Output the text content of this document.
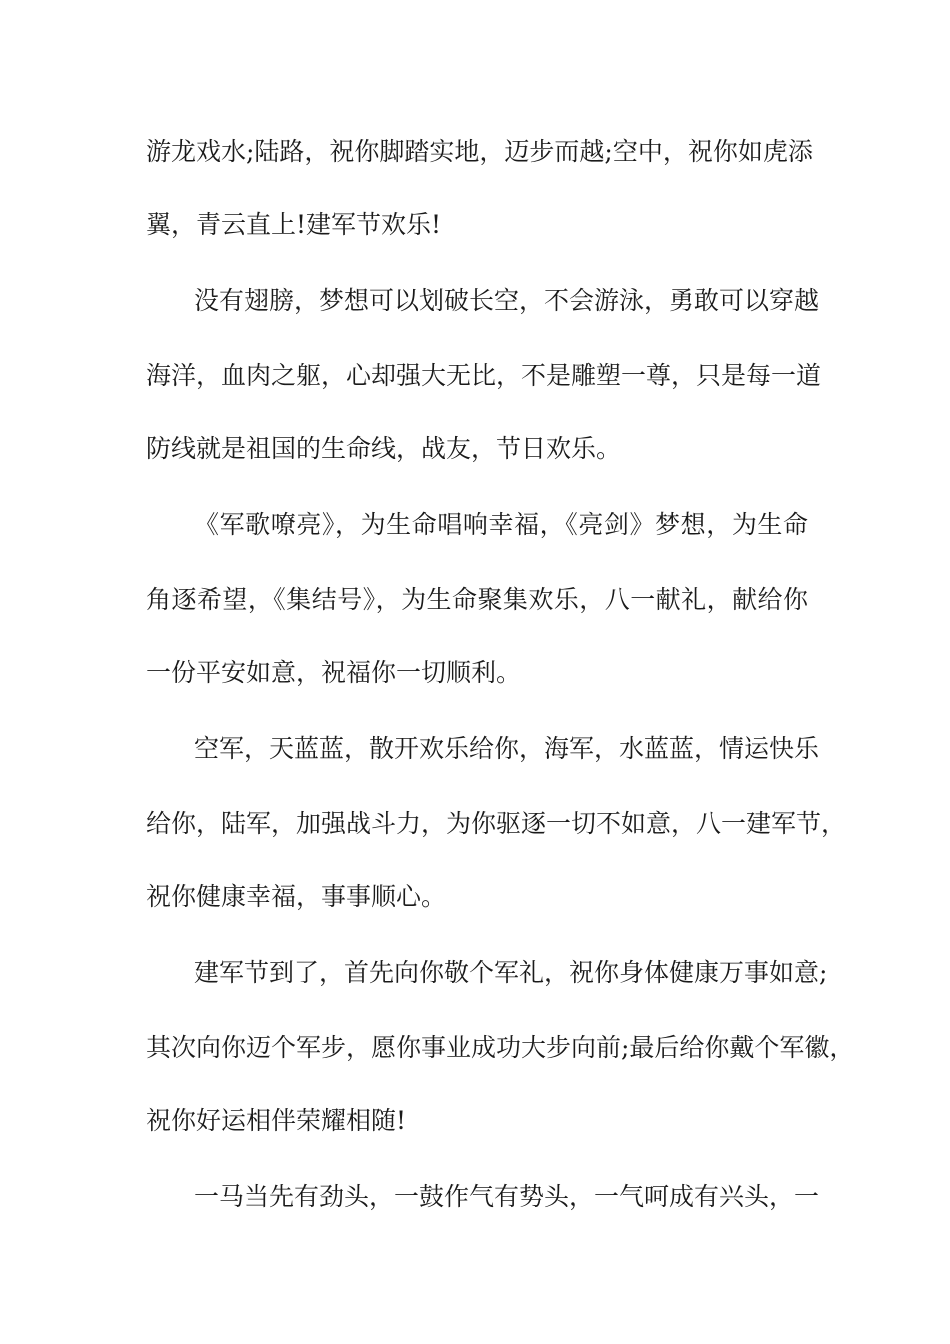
游龙戏水;陆路，祝你脚踏实地，迈步而越;空中，祝你如虎添
翼，青云直上!建军节欢乐!
没有翅膀，梦想可以划破长空，不会游泳，勇敢可以穿越
海洋，血肉之躯，心却强大无比，不是雕塑一尊，只是每一道
防线就是祖国的生命线，战友，节日欢乐。
《军歌嘹亮》，为生命唱响幸福，《亮剑》梦想，为生命
角逐希望，《集结号》，为生命聚集欢乐，八一献礼，献给你
一份平安如意，祝福你一切顺利。
空军，天蓝蓝，散开欢乐给你，海军，水蓝蓝，情运快乐
给你，陆军，加强战斗力，为你驱逐一切不如意，八一建军节，
祝你健康幸福，事事顺心。
建军节到了，首先向你敬个军礼，祝你身体健康万事如意;
其次向你迈个军步，愿你事业成功大步向前;最后给你戴个军徽，
祝你好运相伴荣耀相随!
一马当先有劲头，一鼓作气有势头，一气呵成有兴头，一
